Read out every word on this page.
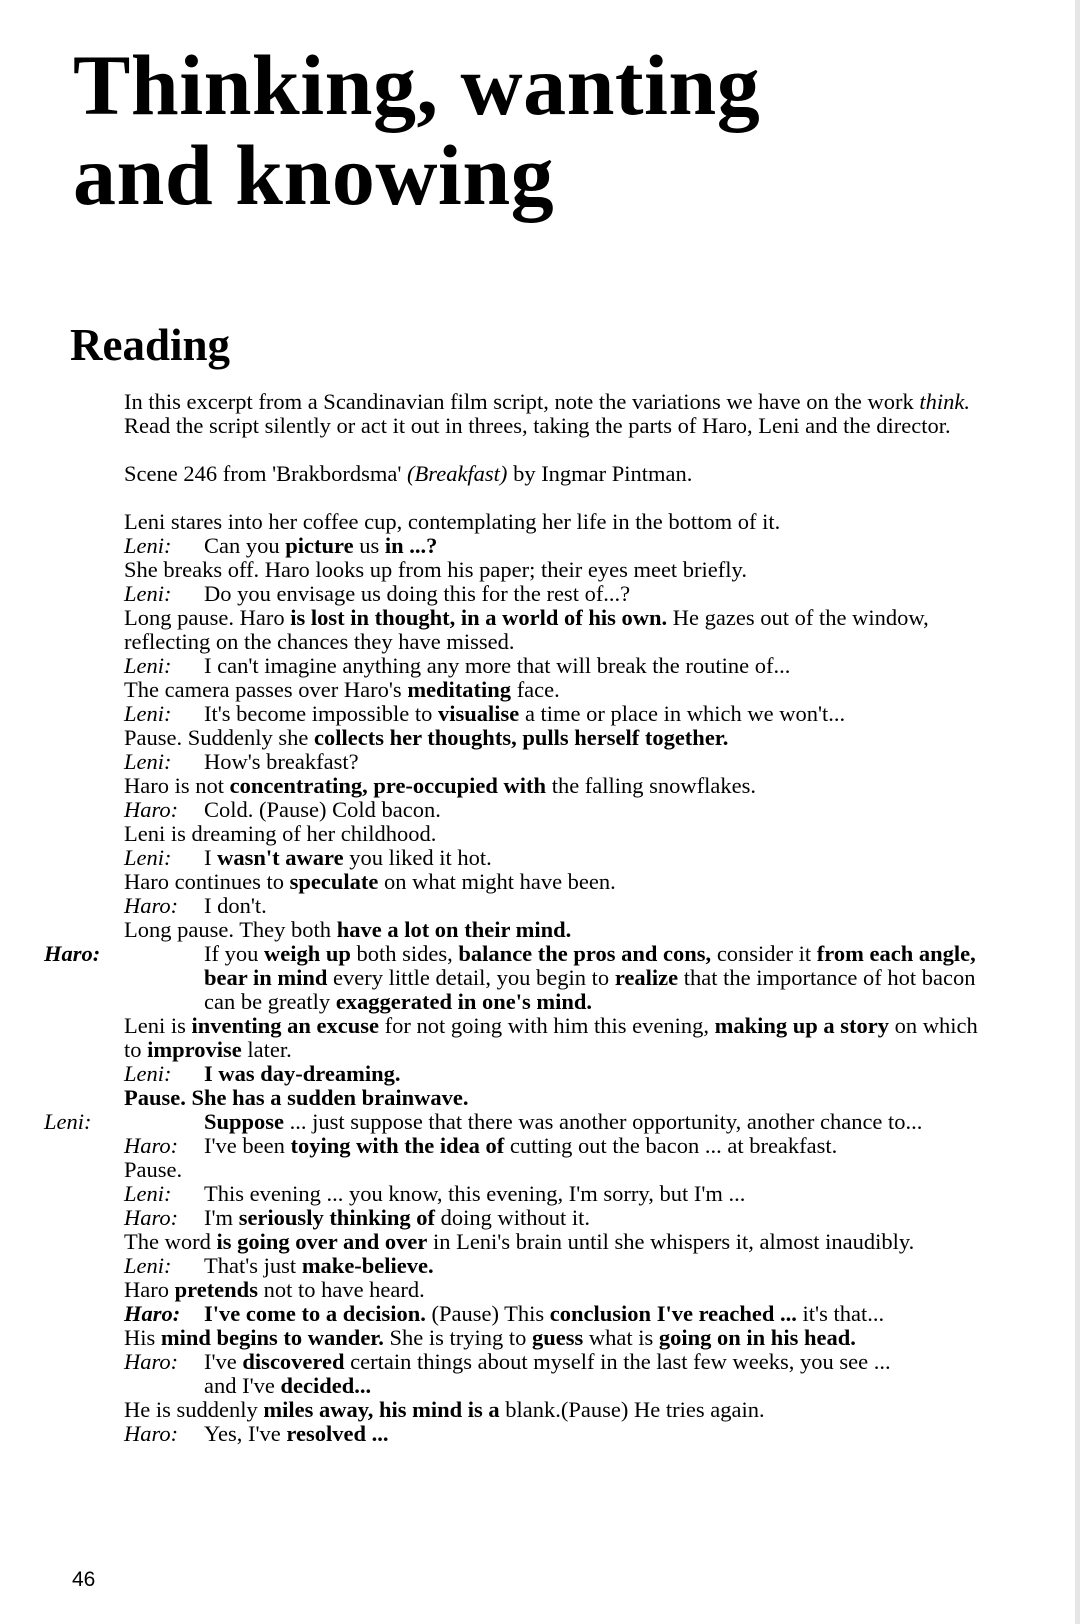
Thinking, wanting
and knowing
Reading

In this excerpt from a Scandinavian film script, note the variations we have on the work think.

Read the script silently or act it out in threes, taking the parts of Haro, Leni and the director.

Scene 246 from 'Brakbordsma' (Breakfast) by Ingmar Pintman.

Leni stares into her coffee cup, contemplating her life in the bottom of it.

Leni: Can you picture us in ...?

She breaks off. Haro looks up from his paper; their eyes meet briefly.

Leni: Do you envisage us doing this for the rest of...?

Long pause. Haro is lost in thought, in a world of his own. He gazes out of the window, reflecting on the chances they have missed.

Leni: I can't imagine anything any more that will break the routine of...

The camera passes over Haro's meditating face.

Leni: It's become impossible to visualise a time or place in which we won't...

Pause. Suddenly she collects her thoughts, pulls herself together.

Leni: How's breakfast?

Haro is not concentrating, pre-occupied with the falling snowflakes.

Haro: Cold. (Pause) Cold bacon.

Leni is dreaming of her childhood.

Leni: I wasn't aware you liked it hot.

Haro continues to speculate on what might have been.

Haro: I don't.

Long pause. They both have a lot on their mind.

Haro:	If you weigh up both sides, balance the pros and cons, consider it from each angle, bear in mind every little detail, you begin to realize that the importance of hot bacon can be greatly exaggerated in one's mind.

Leni is inventing an excuse for not going with him this evening, making up a story on which to improvise later.

Leni: I was day-dreaming.

Pause. She has a sudden brainwave.

Leni:	Suppose ... just suppose that there was another opportunity, another chance to...

Haro: I've been toying with the idea of cutting out the bacon ... at breakfast.

Pause.

Leni: This evening ... you know, this evening, I'm sorry, but I'm ...

Haro: I'm seriously thinking of doing without it.

The word is going over and over in Leni's brain until she whispers it, almost inaudibly.

Leni: That's just make-believe.

Haro pretends not to have heard.

Haro: I've come to a decision. (Pause) This conclusion I've reached ... it's that...

His mind begins to wander. She is trying to guess what is going on in his head.

Haro: I've discovered certain things about myself in the last few weeks, you see ...

and I've decided...

He is suddenly miles away, his mind is a blank.(Pause) He tries again.

Haro: Yes, I've resolved ...

46
